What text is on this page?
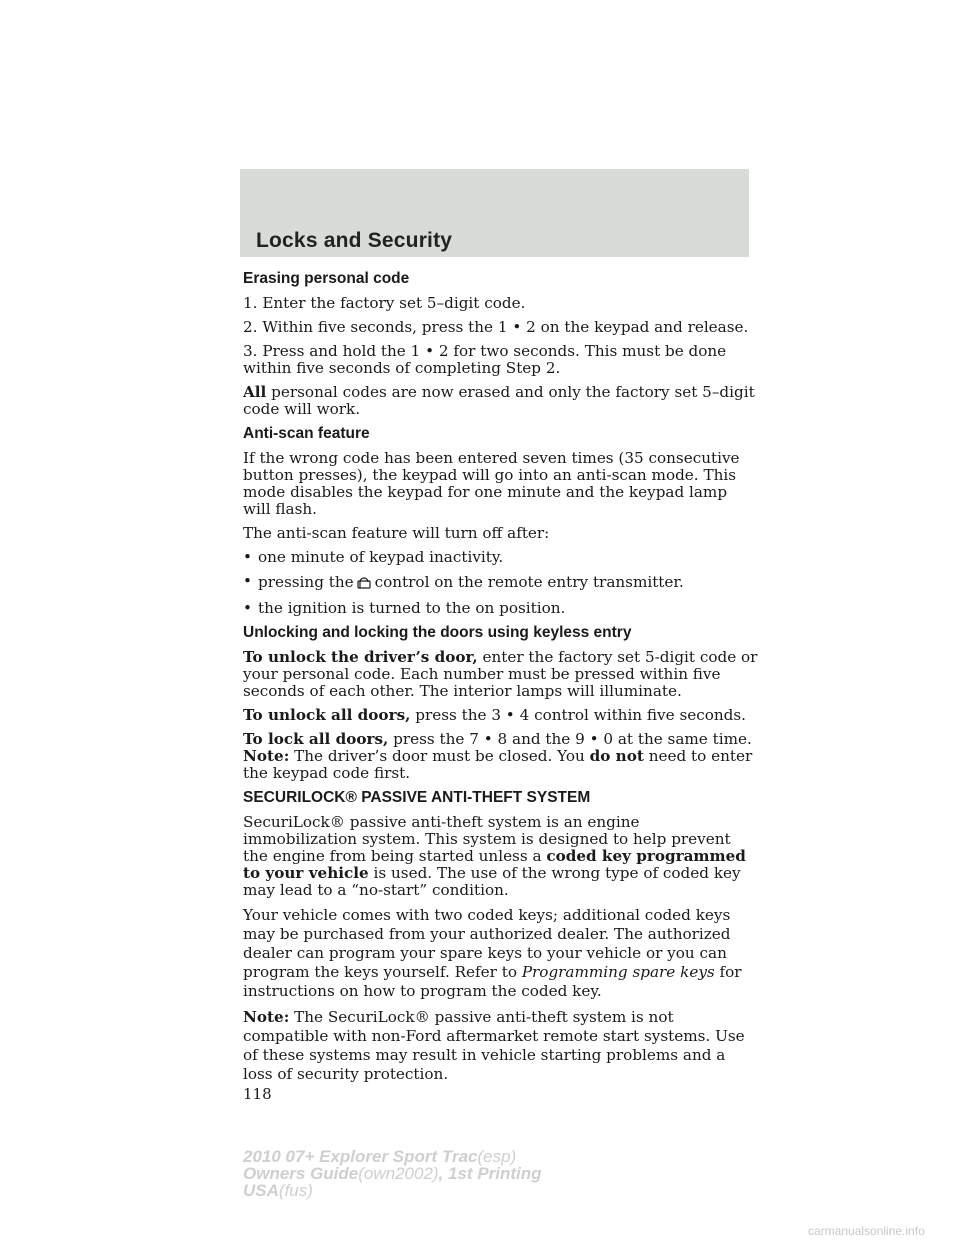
Locks and Security
Erasing personal code

1. Enter the factory set 5–digit code.

2. Within five seconds, press the 1 • 2 on the keypad and release.

3. Press and hold the 1 • 2 for two seconds. This must be done within five seconds of completing Step 2.

All personal codes are now erased and only the factory set 5–digit code will work.

Anti-scan feature

If the wrong code has been entered seven times (35 consecutive button presses), the keypad will go into an anti-scan mode. This mode disables the keypad for one minute and the keypad lamp will flash.

The anti-scan feature will turn off after:

• one minute of keypad inactivity.
• pressing the control on the remote entry transmitter.
• the ignition is turned to the on position.
Unlocking and locking the doors using keyless entry

To unlock the driver’s door, enter the factory set 5-digit code or your personal code. Each number must be pressed within five seconds of each other. The interior lamps will illuminate.

To unlock all doors, press the 3 • 4 control within five seconds.

To lock all doors, press the 7 • 8 and the 9 • 0 at the same time.

Note: The driver’s door must be closed. You do not need to enter the keypad code first.

SECURILOCK® PASSIVE ANTI-THEFT SYSTEM

SecuriLock® passive anti-theft system is an engine immobilization system. This system is designed to help prevent the engine from being started unless a coded key programmed to your vehicle is used. The use of the wrong type of coded key may lead to a “no-start” condition.

Your vehicle comes with two coded keys; additional coded keys may be purchased from your authorized dealer. The authorized dealer can program your spare keys to your vehicle or you can program the keys yourself. Refer to Programming spare keys for instructions on how to program the coded key.

Note: The SecuriLock® passive anti-theft system is not compatible with non-Ford aftermarket remote start systems. Use of these systems may result in vehicle starting problems and a loss of security protection.

118
2010 07+ Explorer Sport Trac(esp)
Owners Guide(own2002), 1st Printing
USA(fus)
carmanualsonline.info
